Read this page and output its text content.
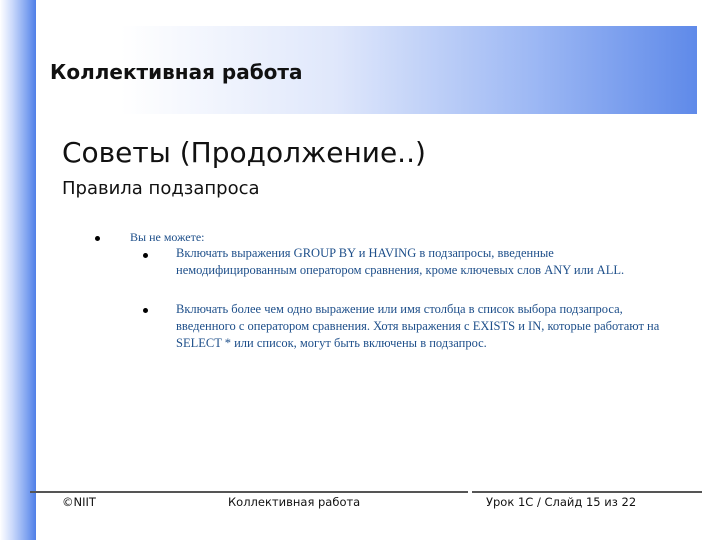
Коллективная работа
Советы (Продолжение..)
Правила подзапроса
Вы не можете:
Включать выражения GROUP BY и HAVING в подзапросы, введенные немодифицированным оператором сравнения, кроме ключевых слов ANY или ALL.
Включать более чем одно выражение или имя столбца в список выбора подзапроса, введенного с оператором сравнения. Хотя выражения с EXISTS и IN, которые работают на SELECT * или список, могут быть включены в подзапрос.
©NIIT	Коллективная работа	Урок 1C / Слайд 15 из 22
